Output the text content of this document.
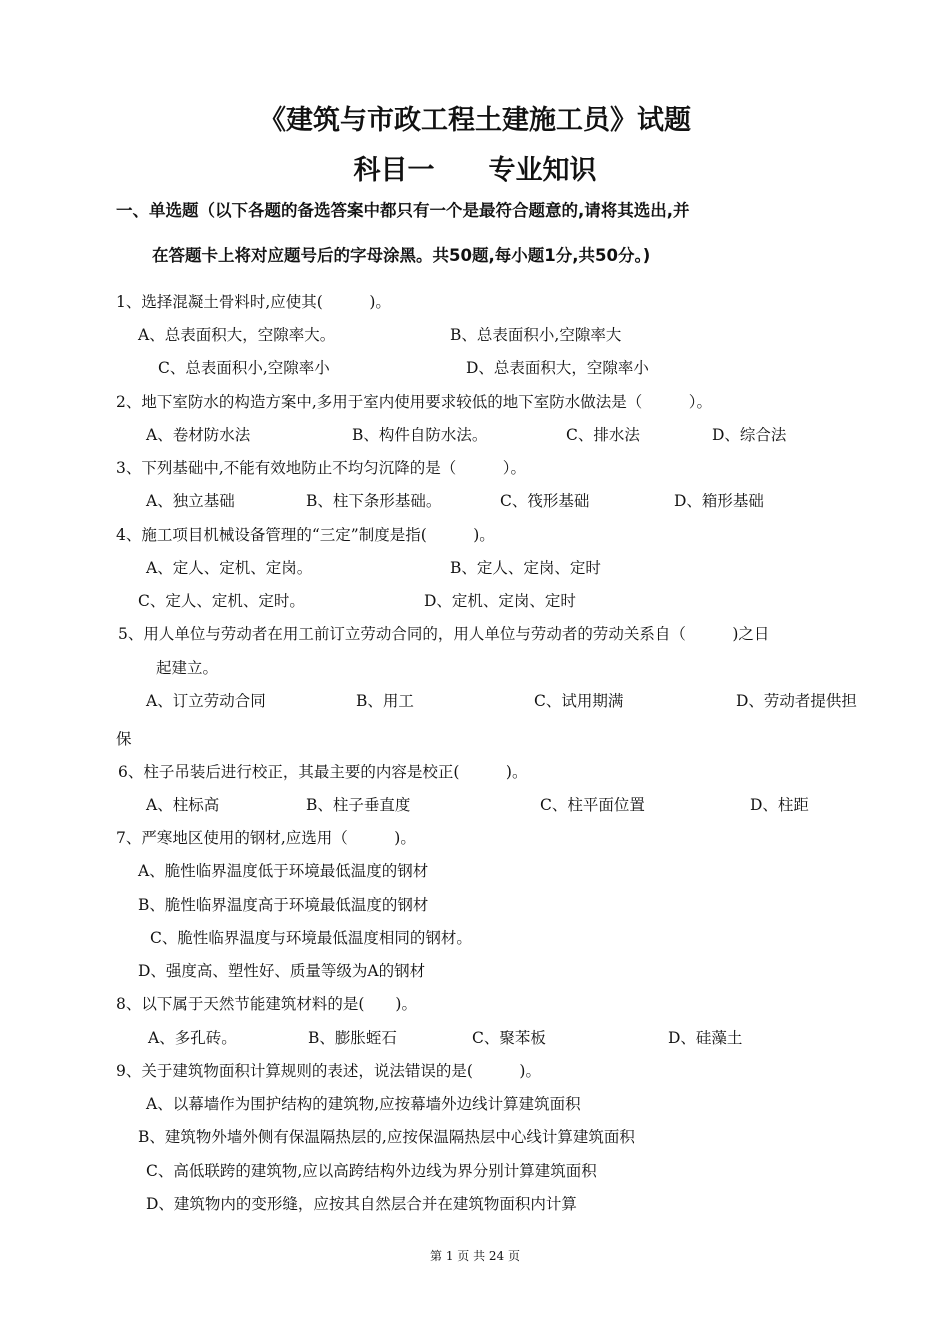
《建筑与市政工程土建施工员》试题
科目一　　专业知识
一、单选题（以下各题的备选答案中都只有一个是最符合题意的,请将其选出,并
在答题卡上将对应题号后的字母涂黑。共50题,每小题1分,共50分。)
1、选择混凝土骨料时,应使其(　　　)。
A、总表面积大，空隙率大。	B、总表面积小,空隙率大
C、总表面积小,空隙率小	D、总表面积大，空隙率小
2、地下室防水的构造方案中,多用于室内使用要求较低的地下室防水做法是（　　　）。
A、卷材防水法	B、构件自防水法。	C、排水法	D、综合法
3、下列基础中,不能有效地防止不均匀沉降的是（　　　）。
A、独立基础	B、柱下条形基础。	C、筏形基础	D、箱形基础
4、施工项目机械设备管理的“三定”制度是指(　　　)。
A、定人、定机、定岗。	B、定人、定岗、定时
C、定人、定机、定时。	D、定机、定岗、定时
5、用人单位与劳动者在用工前订立劳动合同的，用人单位与劳动者的劳动关系自（　　　)之日
起建立。
A、订立劳动合同	B、用工	C、试用期满	D、劳动者提供担
保
6、柱子吊装后进行校正，其最主要的内容是校正(　　　)。
A、柱标高	B、柱子垂直度	C、柱平面位置	D、柱距
7、严寒地区使用的钢材,应选用（　　　)。
A、脆性临界温度低于环境最低温度的钢材
B、脆性临界温度高于环境最低温度的钢材
C、脆性临界温度与环境最低温度相同的钢材。
D、强度高、塑性好、质量等级为A的钢材
8、以下属于天然节能建筑材料的是(　　)。
A、多孔砖。	B、膨胀蛭石	C、聚苯板	D、硅藻土
9、关于建筑物面积计算规则的表述，说法错误的是(　　　)。
A、以幕墙作为围护结构的建筑物,应按幕墙外边线计算建筑面积
B、建筑物外墙外侧有保温隔热层的,应按保温隔热层中心线计算建筑面积
C、高低联跨的建筑物,应以高跨结构外边线为界分别计算建筑面积
D、建筑物内的变形缝，应按其自然层合并在建筑物面积内计算
第 1 页 共 24 页
